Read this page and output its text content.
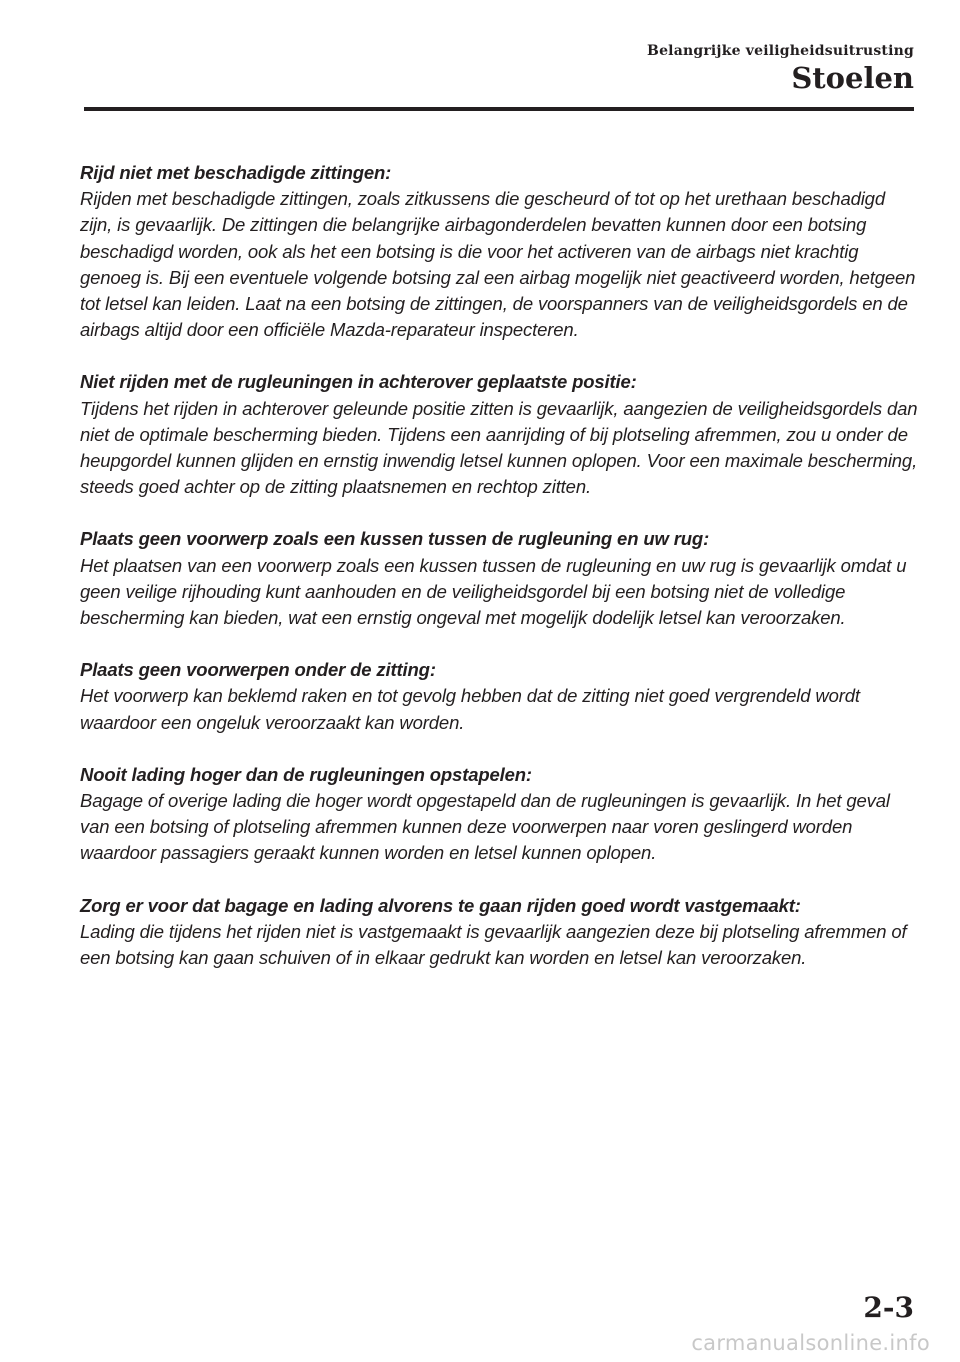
Belangrijke veiligheidsuitrusting
Stoelen

Rijd niet met beschadigde zittingen:

Rijden met beschadigde zittingen, zoals zitkussens die gescheurd of tot op het urethaan beschadigd zijn, is gevaarlijk. De zittingen die belangrijke airbagonderdelen bevatten kunnen door een botsing beschadigd worden, ook als het een botsing is die voor het activeren van de airbags niet krachtig genoeg is. Bij een eventuele volgende botsing zal een airbag mogelijk niet geactiveerd worden, hetgeen tot letsel kan leiden. Laat na een botsing de zittingen, de voorspanners van de veiligheidsgordels en de airbags altijd door een officiële Mazda-reparateur inspecteren.

Niet rijden met de rugleuningen in achterover geplaatste positie:

Tijdens het rijden in achterover geleunde positie zitten is gevaarlijk, aangezien de veiligheidsgordels dan niet de optimale bescherming bieden. Tijdens een aanrijding of bij plotseling afremmen, zou u onder de heupgordel kunnen glijden en ernstig inwendig letsel kunnen oplopen. Voor een maximale bescherming, steeds goed achter op de zitting plaatsnemen en rechtop zitten.

Plaats geen voorwerp zoals een kussen tussen de rugleuning en uw rug:

Het plaatsen van een voorwerp zoals een kussen tussen de rugleuning en uw rug is gevaarlijk omdat u geen veilige rijhouding kunt aanhouden en de veiligheidsgordel bij een botsing niet de volledige bescherming kan bieden, wat een ernstig ongeval met mogelijk dodelijk letsel kan veroorzaken.

Plaats geen voorwerpen onder de zitting:

Het voorwerp kan beklemd raken en tot gevolg hebben dat de zitting niet goed vergrendeld wordt waardoor een ongeluk veroorzaakt kan worden.

Nooit lading hoger dan de rugleuningen opstapelen:

Bagage of overige lading die hoger wordt opgestapeld dan de rugleuningen is gevaarlijk. In het geval van een botsing of plotseling afremmen kunnen deze voorwerpen naar voren geslingerd worden waardoor passagiers geraakt kunnen worden en letsel kunnen oplopen.

Zorg er voor dat bagage en lading alvorens te gaan rijden goed wordt vastgemaakt:

Lading die tijdens het rijden niet is vastgemaakt is gevaarlijk aangezien deze bij plotseling afremmen of een botsing kan gaan schuiven of in elkaar gedrukt kan worden en letsel kan veroorzaken.

2-3
carmanualsonline.info
